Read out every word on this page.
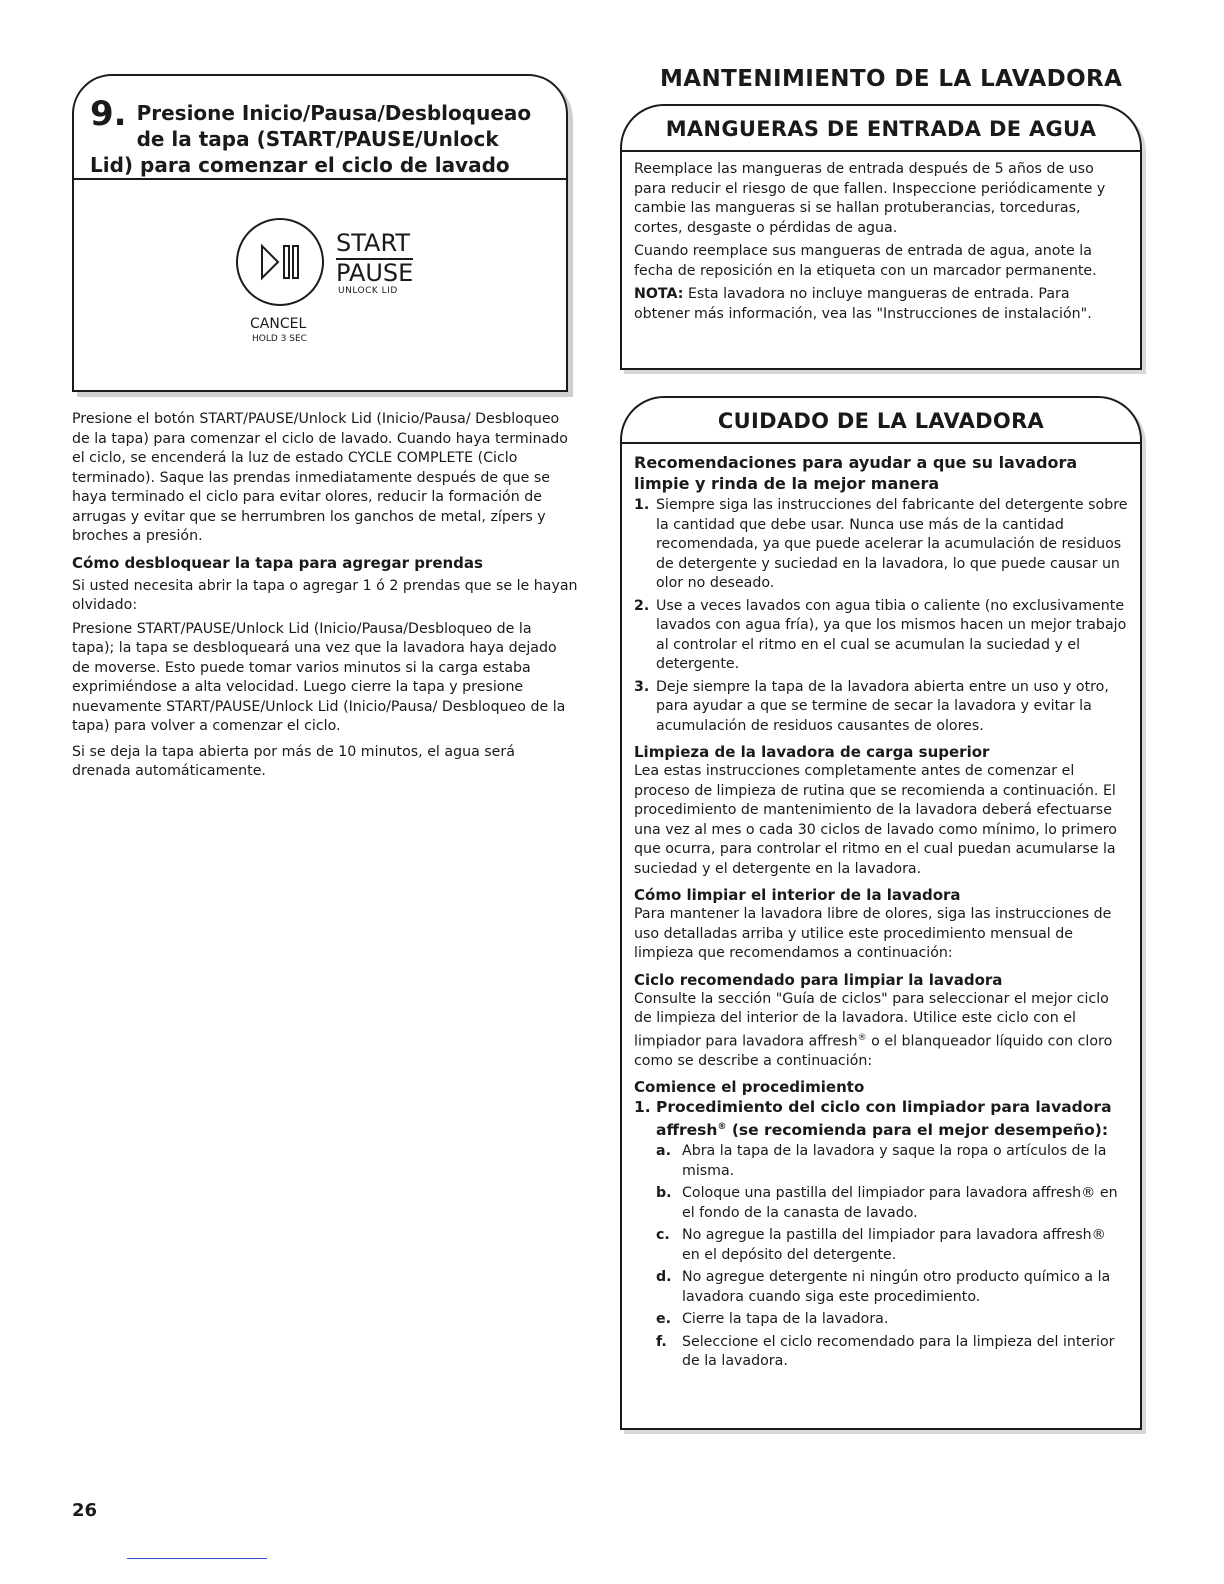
9. Presione Inicio/Pausa/Desbloqueao de la tapa (START/PAUSE/Unlock Lid) para comenzar el ciclo de lavado
START
PAUSE
UNLOCK LID
CANCEL
HOLD 3 SEC

Presione el botón START/PAUSE/Unlock Lid (Inicio/Pausa/ Desbloqueo de la tapa) para comenzar el ciclo de lavado. Cuando haya terminado el ciclo, se encenderá la luz de estado CYCLE COMPLETE (Ciclo terminado). Saque las prendas inmediatamente después de que se haya terminado el ciclo para evitar olores, reducir la formación de arrugas y evitar que se herrumbren los ganchos de metal, zípers y broches a presión.

Cómo desbloquear la tapa para agregar prendas

Si usted necesita abrir la tapa o agregar 1 ó 2 prendas que se le hayan olvidado:

Presione START/PAUSE/Unlock Lid (Inicio/Pausa/Desbloqueo de la tapa); la tapa se desbloqueará una vez que la lavadora haya dejado de moverse. Esto puede tomar varios minutos si la carga estaba exprimiéndose a alta velocidad. Luego cierre la tapa y presione nuevamente START/PAUSE/Unlock Lid (Inicio/Pausa/ Desbloqueo de la tapa) para volver a comenzar el ciclo.

Si se deja la tapa abierta por más de 10 minutos, el agua será drenada automáticamente.

MANTENIMIENTO DE LA LAVADORA
MANGUERAS DE ENTRADA DE AGUA

Reemplace las mangueras de entrada después de 5 años de uso para reducir el riesgo de que fallen. Inspeccione periódicamente y cambie las mangueras si se hallan protuberancias, torceduras, cortes, desgaste o pérdidas de agua.

Cuando reemplace sus mangueras de entrada de agua, anote la fecha de reposición en la etiqueta con un marcador permanente.

NOTA: Esta lavadora no incluye mangueras de entrada. Para obtener más información, vea las "Instrucciones de instalación".

CUIDADO DE LA LAVADORA
Recomendaciones para ayudar a que su lavadora limpie y rinda de la mejor manera
1. Siempre siga las instrucciones del fabricante del detergente sobre la cantidad que debe usar. Nunca use más de la cantidad recomendada, ya que puede acelerar la acumulación de residuos de detergente y suciedad en la lavadora, lo que puede causar un olor no deseado.
2. Use a veces lavados con agua tibia o caliente (no exclusivamente lavados con agua fría), ya que los mismos hacen un mejor trabajo al controlar el ritmo en el cual se acumulan la suciedad y el detergente.
3. Deje siempre la tapa de la lavadora abierta entre un uso y otro, para ayudar a que se termine de secar la lavadora y evitar la acumulación de residuos causantes de olores.
Limpieza de la lavadora de carga superior

Lea estas instrucciones completamente antes de comenzar el proceso de limpieza de rutina que se recomienda a continuación. El procedimiento de mantenimiento de la lavadora deberá efectuarse una vez al mes o cada 30 ciclos de lavado como mínimo, lo primero que ocurra, para controlar el ritmo en el cual puedan acumularse la suciedad y el detergente en la lavadora.

Cómo limpiar el interior de la lavadora

Para mantener la lavadora libre de olores, siga las instrucciones de uso detalladas arriba y utilice este procedimiento mensual de limpieza que recomendamos a continuación:

Ciclo recomendado para limpiar la lavadora

Consulte la sección "Guía de ciclos" para seleccionar el mejor ciclo de limpieza del interior de la lavadora. Utilice este ciclo con el limpiador para lavadora affresh® o el blanqueador líquido con cloro como se describe a continuación:

Comience el procedimiento
1. Procedimiento del ciclo con limpiador para lavadora affresh® (se recomienda para el mejor desempeño):
a. Abra la tapa de la lavadora y saque la ropa o artículos de la misma.
b. Coloque una pastilla del limpiador para lavadora affresh® en el fondo de la canasta de lavado.
c. No agregue la pastilla del limpiador para lavadora affresh® en el depósito del detergente.
d. No agregue detergente ni ningún otro producto químico a la lavadora cuando siga este procedimiento.
e. Cierre la tapa de la lavadora.
f. Seleccione el ciclo recomendado para la limpieza del interior de la lavadora.
26
